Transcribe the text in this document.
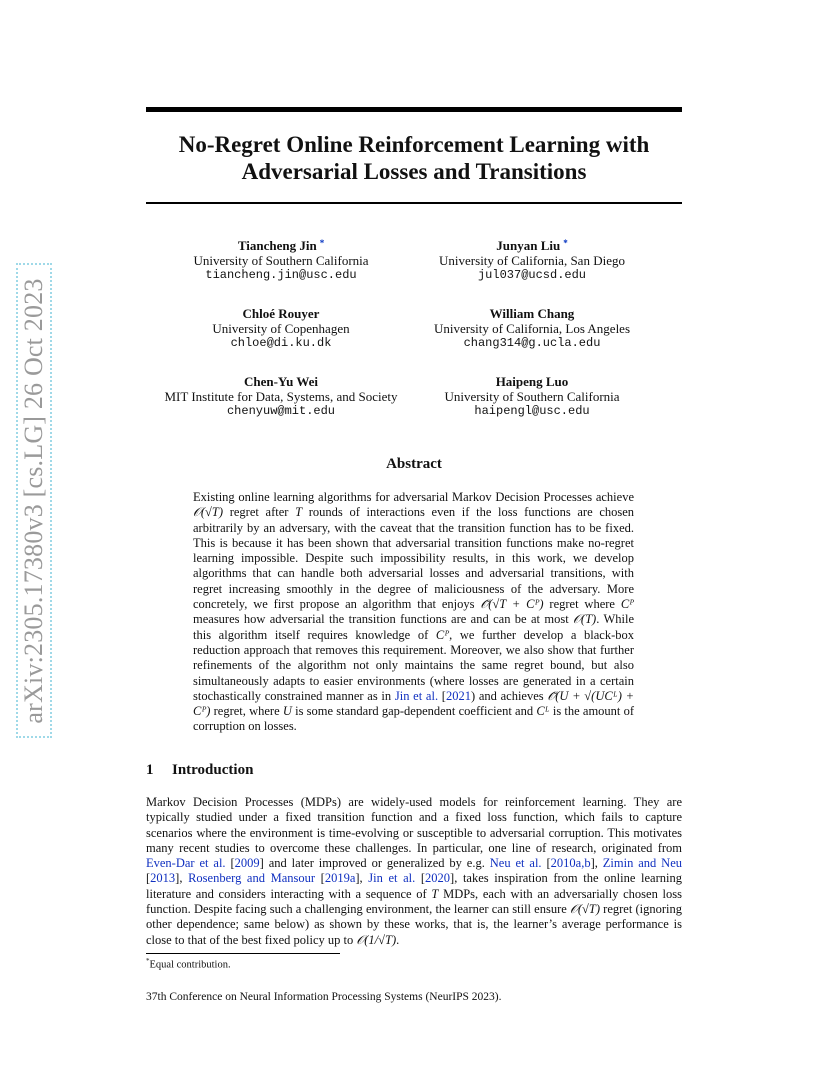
arXiv:2305.17380v3 [cs.LG] 26 Oct 2023
No-Regret Online Reinforcement Learning with
Adversarial Losses and Transitions
Tiancheng Jin *
University of Southern California
tiancheng.jin@usc.edu
Junyan Liu *
University of California, San Diego
jul037@ucsd.edu
Chloé Rouyer
University of Copenhagen
chloe@di.ku.dk
William Chang
University of California, Los Angeles
chang314@g.ucla.edu
Chen-Yu Wei
MIT Institute for Data, Systems, and Society
chenyuw@mit.edu
Haipeng Luo
University of Southern California
haipengl@usc.edu
Abstract
Existing online learning algorithms for adversarial Markov Decision Processes achieve 𝒪(√T) regret after T rounds of interactions even if the loss functions are chosen arbitrarily by an adversary, with the caveat that the transition function has to be fixed. This is because it has been shown that adversarial transition functions make no-regret learning impossible. Despite such impossibility results, in this work, we develop algorithms that can handle both adversarial losses and adversarial transitions, with regret increasing smoothly in the degree of maliciousness of the adversary. More concretely, we first propose an algorithm that enjoys 𝒪̃(√T + Cᴾ) regret where Cᴾ measures how adversarial the transition functions are and can be at most 𝒪(T). While this algorithm itself requires knowledge of Cᴾ, we further develop a black-box reduction approach that removes this requirement. Moreover, we also show that further refinements of the algorithm not only maintains the same regret bound, but also simultaneously adapts to easier environments (where losses are generated in a certain stochastically constrained manner as in Jin et al. [2021) and achieves 𝒪̃(U + √(UCᴸ) + Cᴾ) regret, where U is some standard gap-dependent coefficient and Cᴸ is the amount of corruption on losses.
1 Introduction
Markov Decision Processes (MDPs) are widely-used models for reinforcement learning. They are typically studied under a fixed transition function and a fixed loss function, which fails to capture scenarios where the environment is time-evolving or susceptible to adversarial corruption. This motivates many recent studies to overcome these challenges. In particular, one line of research, originated from Even-Dar et al. [2009] and later improved or generalized by e.g. Neu et al. [2010a,b], Zimin and Neu [2013], Rosenberg and Mansour [2019a], Jin et al. [2020], takes inspiration from the online learning literature and considers interacting with a sequence of T MDPs, each with an adversarially chosen loss function. Despite facing such a challenging environment, the learner can still ensure 𝒪(√T) regret (ignoring other dependence; same below) as shown by these works, that is, the learner’s average performance is close to that of the best fixed policy up to 𝒪(1/√T).
*Equal contribution.
37th Conference on Neural Information Processing Systems (NeurIPS 2023).
